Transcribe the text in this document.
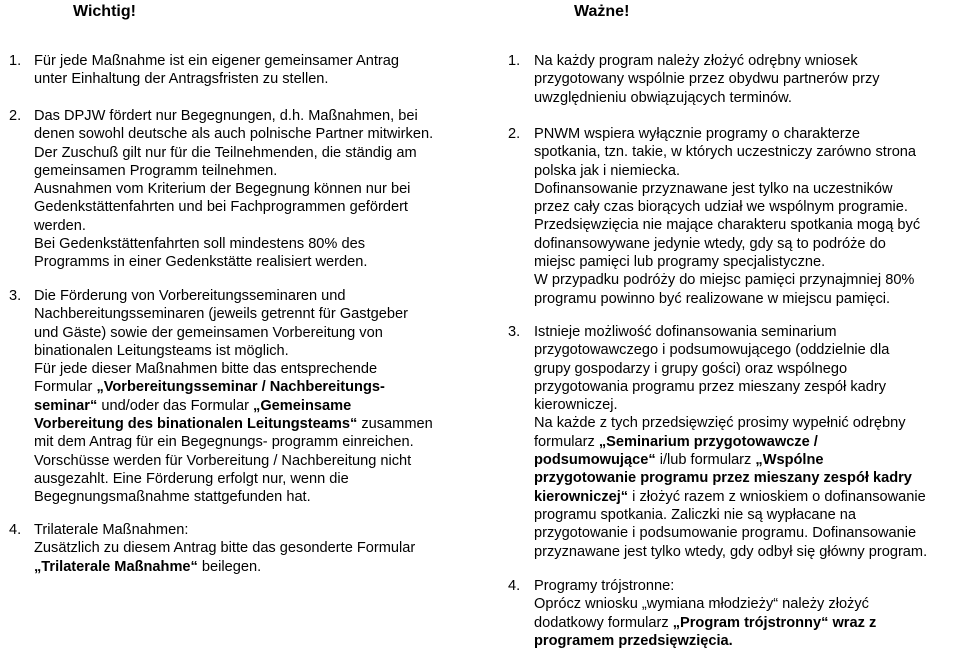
Wichtig!
1. Für jede Maßnahme ist ein eigener gemeinsamer Antrag
unter Einhaltung der Antragsfristen zu stellen.
2. Das DPJW fördert nur Begegnungen, d.h. Maßnahmen, bei
denen sowohl deutsche als auch polnische Partner mitwirken.
Der Zuschuß gilt nur für die Teilnehmenden, die ständig am
gemeinsamen Programm teilnehmen.
Ausnahmen vom Kriterium der Begegnung können nur bei
Gedenkstättenfahrten und bei Fachprogrammen gefördert
werden.
Bei Gedenkstättenfahrten soll mindestens 80% des
Programms in einer Gedenkstätte realisiert werden.
3. Die Förderung von Vorbereitungsseminaren und
Nachbereitungsseminaren (jeweils getrennt für Gastgeber
und Gäste) sowie der gemeinsamen Vorbereitung von
binationalen Leitungsteams ist möglich.
Für jede dieser Maßnahmen bitte das entsprechende
Formular „Vorbereitungsseminar / Nachbereitungs-
seminar“ und/oder das Formular „Gemeinsame
Vorbereitung des binationalen Leitungsteams“ zusammen
mit dem Antrag für ein Begegnungs- programm einreichen.
Vorschüsse werden für Vorbereitung / Nachbereitung nicht
ausgezahlt. Eine Förderung erfolgt nur, wenn die
Begegnungsmaßnahme stattgefunden hat.
4. Trilaterale Maßnahmen:
Zusätzlich zu diesem Antrag bitte das gesonderte Formular
„Trilaterale Maßnahme“ beilegen.
Ważne!
1. Na każdy program należy złożyć odrębny wniosek
przygotowany wspólnie przez obydwu partnerów przy
uwzględnieniu obwiązujących terminów.
2. PNWM wspiera wyłącznie programy o charakterze
spotkania, tzn. takie, w których uczestniczy zarówno strona
polska jak i niemiecka.
Dofinansowanie przyznawane jest tylko na uczestników
przez cały czas biorących udział we wspólnym programie.
Przedsięwzięcia nie mające charakteru spotkania mogą być
dofinansowywane jedynie wtedy, gdy są to podróże do
miejsc pamięci lub programy specjalistyczne.
W przypadku podróży do miejsc pamięci przynajmniej 80%
programu powinno być realizowane w miejscu pamięci.
3. Istnieje możliwość dofinansowania seminarium
przygotowawczego i podsumowującego (oddzielnie dla
grupy gospodarzy i grupy gości) oraz wspólnego
przygotowania programu przez mieszany zespół kadry
kierowniczej.
Na każde z tych przedsięwzięć prosimy wypełnić odrębny
formularz „Seminarium przygotowawcze /
podsumowujące“ i/lub formularz „Wspólne
przygotowanie programu przez mieszany zespół kadry
kierowniczej“ i złożyć razem z wnioskiem o dofinansowanie
programu spotkania. Zaliczki nie są wypłacane na
przygotowanie i podsumowanie programu. Dofinansowanie
przyznawane jest tylko wtedy, gdy odbył się główny program.
4. Programy trójstronne:
Oprócz wniosku „wymiana młodzieży“ należy złożyć
dodatkowy formularz „Program trójstronny“ wraz z
programem przedsięwzięcia.
